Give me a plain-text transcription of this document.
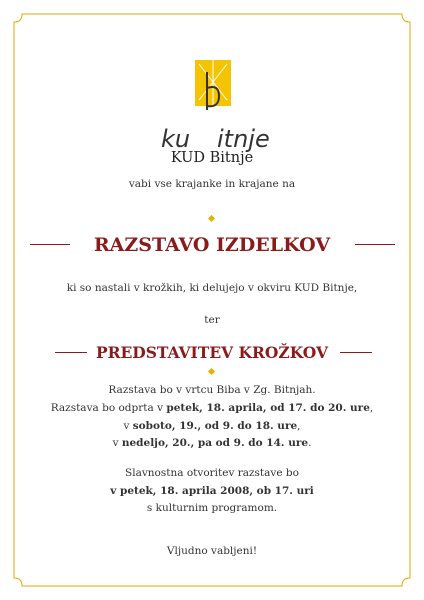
ku itnje
KUD Bitnje
vabi vse krajanke in krajane na
RAZSTAVO IZDELKOV
ki so nastali v krožkih, ki delujejo v okviru KUD Bitnje,
ter
PREDSTAVITEV KROŽKOV
Razstava bo v vrtcu Biba v Zg. Bitnjah.
Razstava bo odprta v petek, 18. aprila, od 17. do 20. ure,
v soboto, 19., od 9. do 18. ure,
v nedeljo, 20., pa od 9. do 14. ure.
Slavnostna otvoritev razstave bo
v petek, 18. aprila 2008, ob 17. uri
s kulturnim programom.
Vljudno vabljeni!
